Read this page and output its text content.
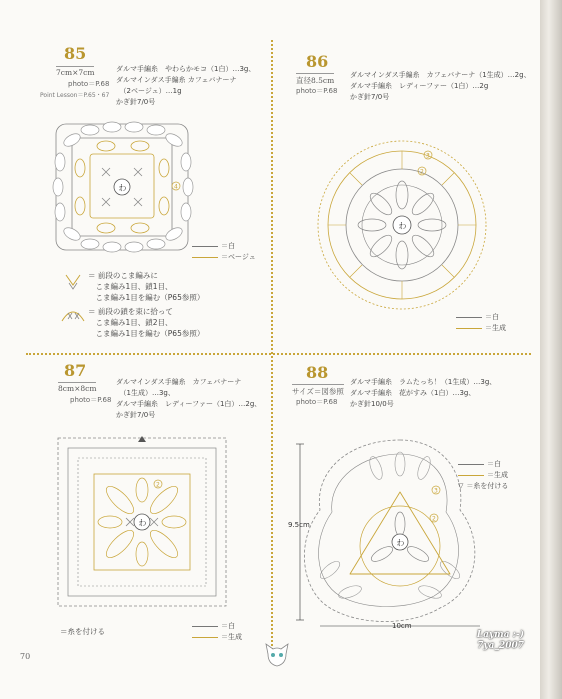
85
7cm×7cm
photo＝P.68
Point Lesson＝P.65・67
ダルマ手編糸　やわらかモコ（1白）…3g、
ダルマインダス手編糸 カフェバナーナ
　（2ベージュ）…1g
かぎ針7/0号
わ	4
＝白
＝ベージュ
＝ 前段のこま編みに
　こま編み1目、鎖1目、
　こま編み1目を編む（P65参照）
＝ 前段の鎖を束に拾って
　こま編み1目、鎖2目、
　こま編み1目を編む（P65参照）
86
直径8.5cm
photo＝P.68
ダルマインダス手編糸　カフェバナーナ（1生成）…2g、
ダルマ手編糸　レディーファー（1白）…2g
かぎ針7/0号
わ
3
2
＝白
＝生成
87
8cm×8cm
photo＝P.68
ダルマインダス手編糸　カフェバナーナ
　（1生成）…3g、
ダルマ手編糸　レディーファー（1白）…2g、
かぎ針7/0号
わ
2
＝糸を付ける
＝白
＝生成
88
サイズ＝図参照
photo＝P.68
ダルマ手編糸　ラムたっち！（1生成）…3g、
ダルマ手編糸　花がすみ（1白）…3g、
かぎ針10/0号
わ
3
2
9.5cm
10cm
＝白
＝生成
▽ ＝糸を付ける
70
Layma :-)
7ya_2007
